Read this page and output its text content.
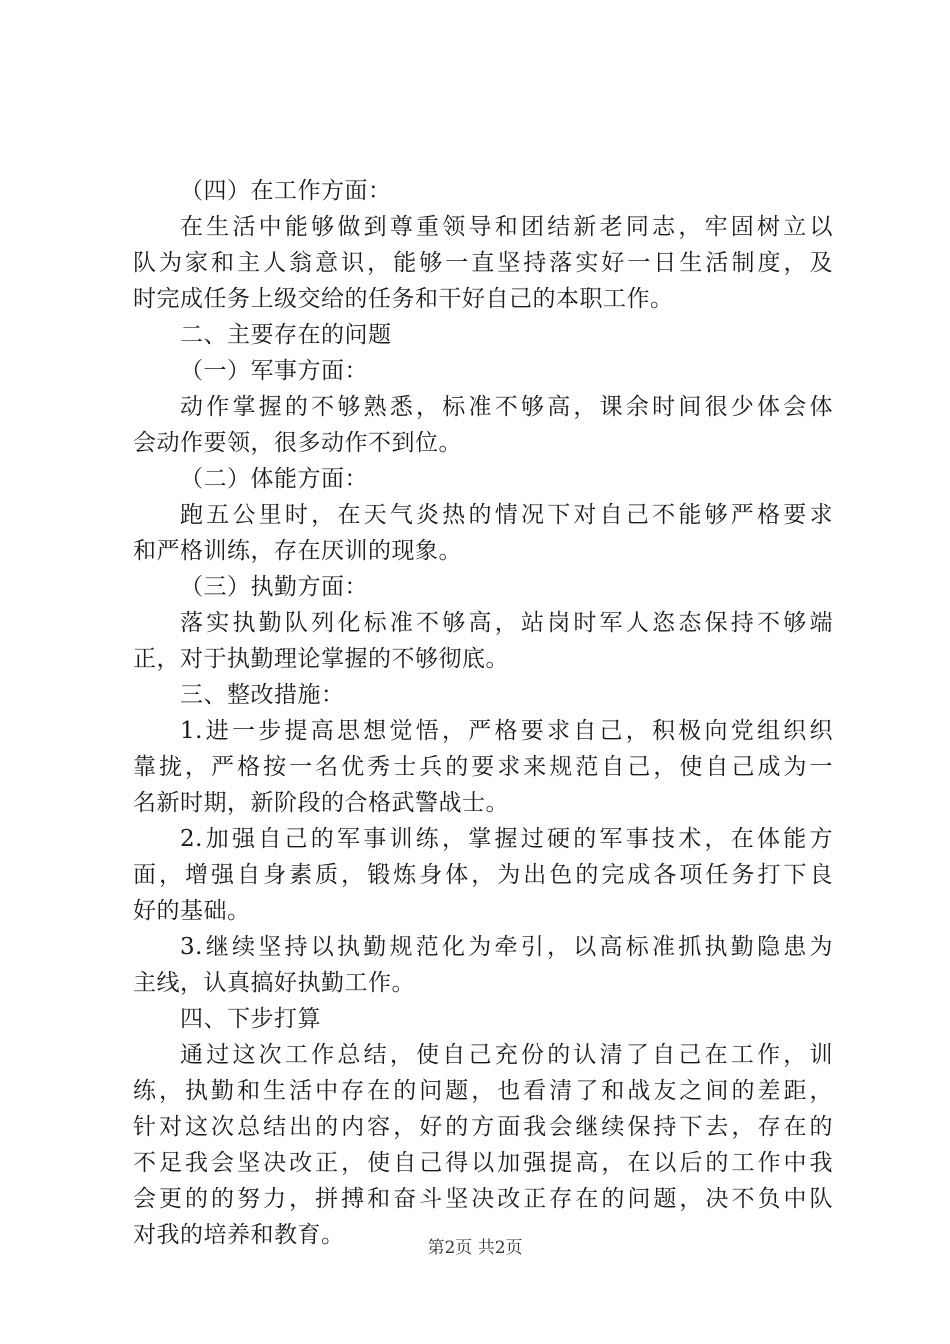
（四）在工作方面：
在生活中能够做到尊重领导和团结新老同志，牢固树立以
队为家和主人翁意识，能够一直坚持落实好一日生活制度，及
时完成任务上级交给的任务和干好自己的本职工作。
二、主要存在的问题
（一）军事方面：
动作掌握的不够熟悉，标准不够高，课余时间很少体会体
会动作要领，很多动作不到位。
（二）体能方面：
跑五公里时，在天气炎热的情况下对自己不能够严格要求
和严格训练，存在厌训的现象。
（三）执勤方面：
落实执勤队列化标准不够高，站岗时军人恣态保持不够端
正，对于执勤理论掌握的不够彻底。
三、整改措施：
1.进一步提高思想觉悟，严格要求自己，积极向党组织织
靠拢，严格按一名优秀士兵的要求来规范自己，使自己成为一
名新时期，新阶段的合格武警战士。
2.加强自己的军事训练，掌握过硬的军事技术，在体能方
面，增强自身素质，锻炼身体，为出色的完成各项任务打下良
好的基础。
3.继续坚持以执勤规范化为牵引，以高标准抓执勤隐患为
主线，认真搞好执勤工作。
四、下步打算
通过这次工作总结，使自己充份的认清了自己在工作，训
练，执勤和生活中存在的问题，也看清了和战友之间的差距，
针对这次总结出的内容，好的方面我会继续保持下去，存在的
不足我会坚决改正，使自己得以加强提高，在以后的工作中我
会更的的努力，拼搏和奋斗坚决改正存在的问题，决不负中队
对我的培养和教育。	第2页 共2页
